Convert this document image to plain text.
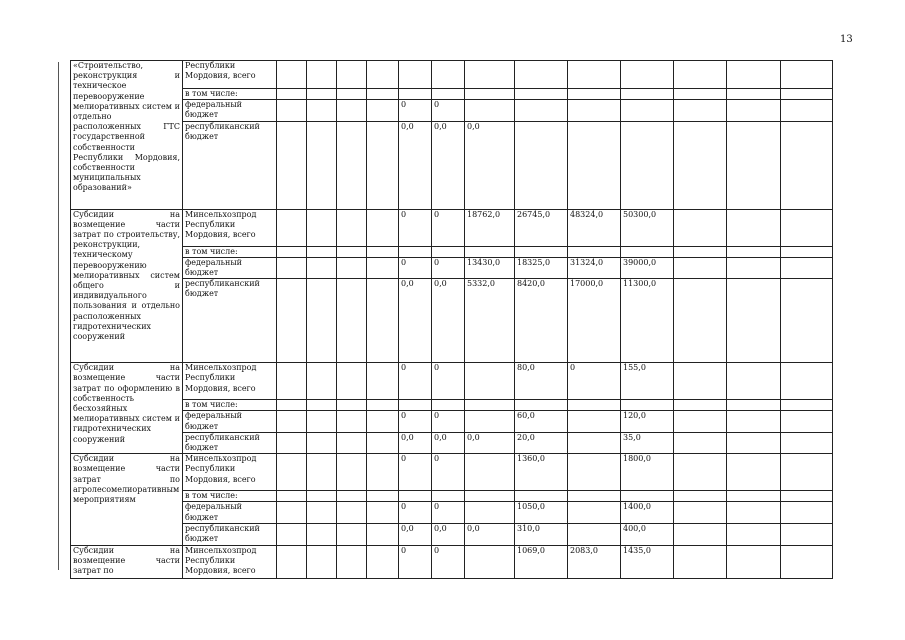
13
«Строительство, реконструкция и техническое перевооружение мелиоративных систем и отдельно расположенных ГТС государственной собственности Республики Мордовия, собственности муниципальных образований»	Республики Мордовия, всего													
	в том числе:													
	федеральный бюджет					0	0							
	республиканский бюджет					0,0	0,0	0,0						
Субсидии на возмещение части затрат по строительству, реконструкции, техническому перевооружению мелиоративных систем общего и индивидуального пользования и отдельно расположенных гидротехнических сооружений	Минсельхозпрод Республики Мордовия, всего					0	0	18762,0	26745,0	48324,0	50300,0			
	в том числе:													
	федеральный бюджет					0	0	13430,0	18325,0	31324,0	39000,0			
	республиканский бюджет					0,0	0,0	5332,0	8420,0	17000,0	11300,0			
Субсидии на возмещение части затрат по оформлению в собственность бесхозяйных мелиоративных систем и гидротехнических сооружений	Минсельхозпрод Республики Мордовия, всего					0	0		80,0	0	155,0			
	в том числе:													
	федеральный бюджет					0	0		60,0		120,0			
	республиканский бюджет					0,0	0,0	0,0	20,0		35,0			
Субсидии на возмещение части затрат по агролесомелиоративным мероприятиям	Минсельхозпрод Республики Мордовия, всего					0	0		1360,0		1800,0			
	в том числе:													
	федеральный бюджет					0	0		1050,0		1400,0			
	республиканский бюджет					0,0	0,0	0,0	310,0		400,0			
Субсидии на возмещение части затрат по	Минсельхозпрод Республики Мордовия, всего					0	0		1069,0	2083,0	1435,0			
